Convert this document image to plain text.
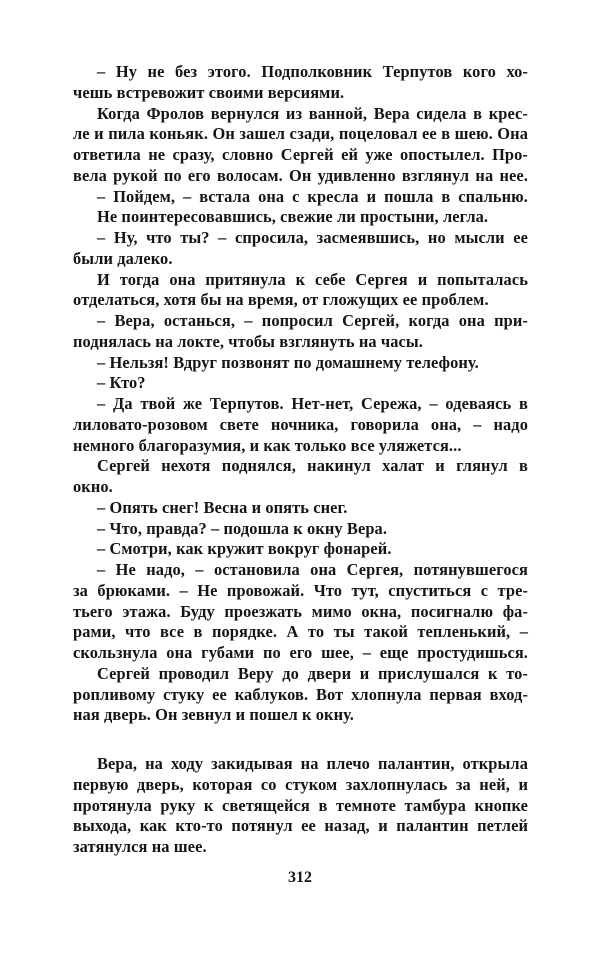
– Ну не без этого. Подполковник Терпутов кого хо-
чешь встревожит своими версиями.
Когда Фролов вернулся из ванной, Вера сидела в крес-
ле и пила коньяк. Он зашел сзади, поцеловал ее в шею. Она
ответила не сразу, словно Сергей ей уже опостылел. Про-
вела рукой по его волосам. Он удивленно взглянул на нее.
– Пойдем, – встала она с кресла и пошла в спальню.
Не поинтересовавшись, свежие ли простыни, легла.
– Ну, что ты? – спросила, засмеявшись, но мысли ее
были далеко.
И тогда она притянула к себе Сергея и попыталась
отделаться, хотя бы на время, от гложущих ее проблем.
– Вера, останься, – попросил Сергей, когда она при-
поднялась на локте, чтобы взглянуть на часы.
– Нельзя! Вдруг позвонят по домашнему телефону.
– Кто?
– Да твой же Терпутов. Нет-нет, Сережа, – одеваясь в
лиловато-розовом свете ночника, говорила она, – надо
немного благоразумия, и как только все уляжется...
Сергей нехотя поднялся, накинул халат и глянул в
окно.
– Опять снег! Весна и опять снег.
– Что, правда? – подошла к окну Вера.
– Смотри, как кружит вокруг фонарей.
– Не надо, – остановила она Сергея, потянувшегося
за брюками. – Не провожай. Что тут, спуститься с тре-
тьего этажа. Буду проезжать мимо окна, посигналю фа-
рами, что все в порядке. А то ты такой тепленький, –
скользнула она губами по его шее, – еще простудишься.
Сергей проводил Веру до двери и прислушался к то-
ропливому стуку ее каблуков. Вот хлопнула первая вход-
ная дверь. Он зевнул и пошел к окну.
Вера, на ходу закидывая на плечо палантин, открыла
первую дверь, которая со стуком захлопнулась за ней, и
протянула руку к светящейся в темноте тамбура кнопке
выхода, как кто-то потянул ее назад, и палантин петлей
затянулся на шее.
312
